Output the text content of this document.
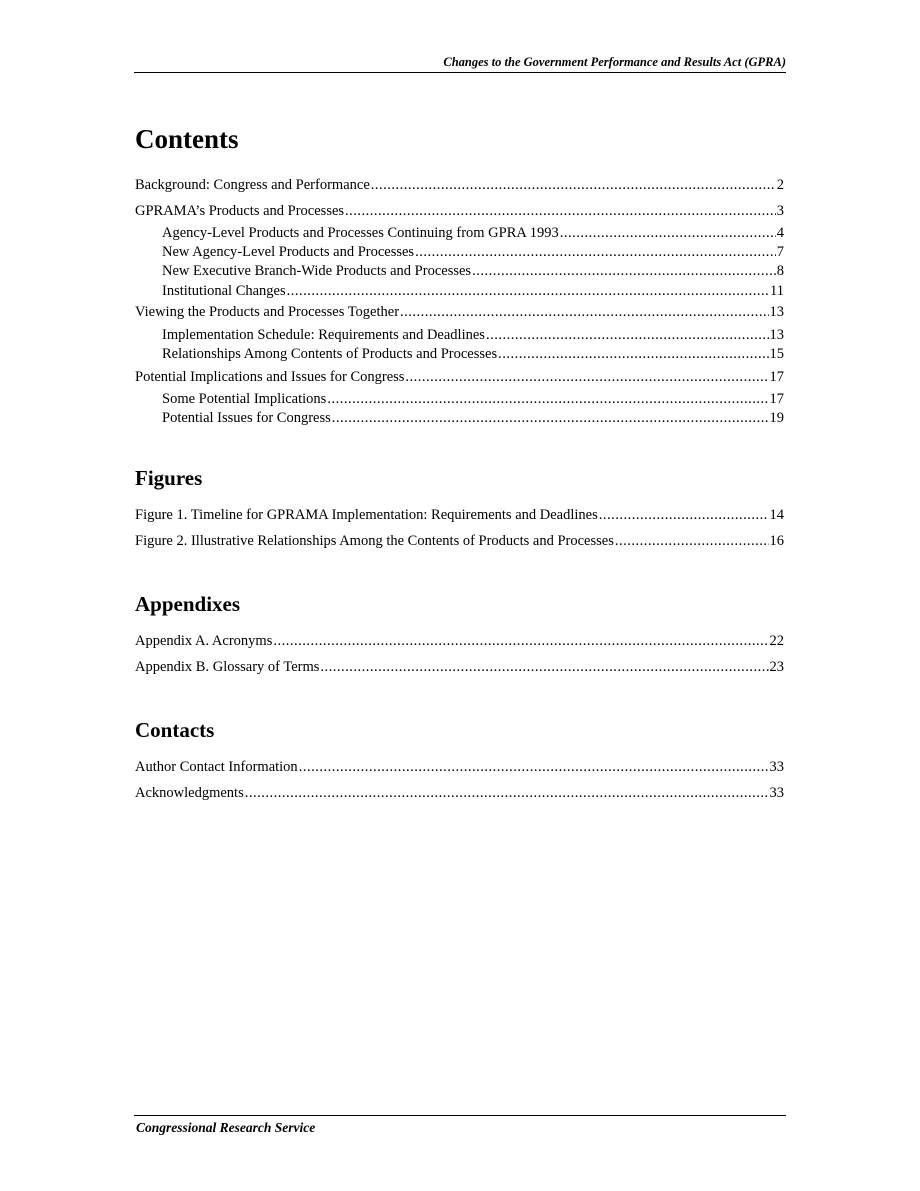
Changes to the Government Performance and Results Act (GPRA)
Contents
Background: Congress and Performance .....	2
GPRAMA’s Products and Processes .....	3
Agency-Level Products and Processes Continuing from GPRA 1993 .....	4
New Agency-Level Products and Processes .....	7
New Executive Branch-Wide Products and Processes .....	8
Institutional Changes .....	11
Viewing the Products and Processes Together .....	13
Implementation Schedule: Requirements and Deadlines .....	13
Relationships Among Contents of Products and Processes .....	15
Potential Implications and Issues for Congress .....	17
Some Potential Implications .....	17
Potential Issues for Congress .....	19
Figures
Figure 1. Timeline for GPRAMA Implementation: Requirements and Deadlines .....	14
Figure 2. Illustrative Relationships Among the Contents of Products and Processes .....	16
Appendixes
Appendix A. Acronyms .....	22
Appendix B. Glossary of Terms .....	23
Contacts
Author Contact Information .....	33
Acknowledgments .....	33
Congressional Research Service
